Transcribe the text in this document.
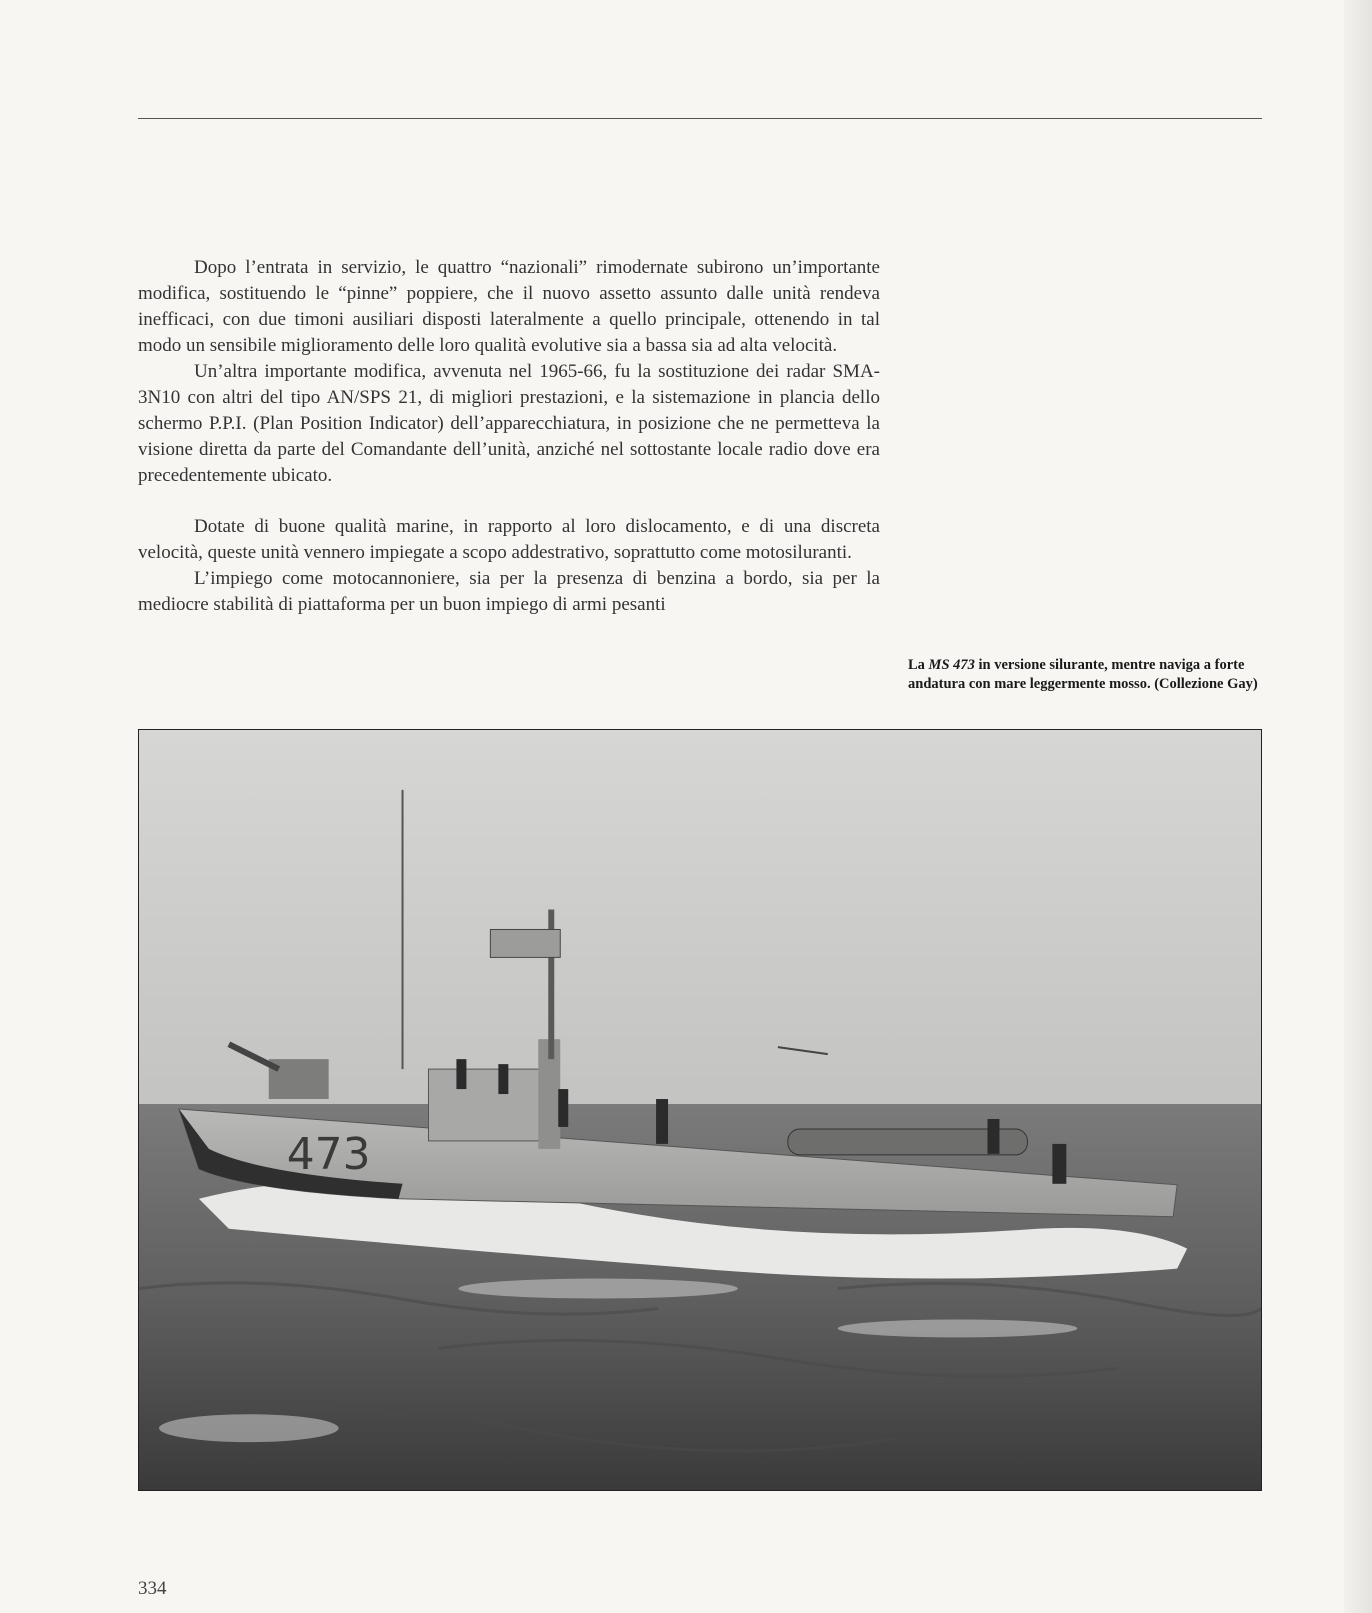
Dopo l’entrata in servizio, le quattro “nazionali” rimodernate subirono un’importante modifica, sostituendo le “pinne” poppiere, che il nuovo assetto assunto dalle unità rendeva inefficaci, con due timoni ausiliari disposti lateralmente a quello principale, ottenendo in tal modo un sensibile miglioramento delle loro qualità evolutive sia a bassa sia ad alta velocità.

Un’altra importante modifica, avvenuta nel 1965-66, fu la sostituzione dei radar SMA-3N10 con altri del tipo AN/SPS 21, di migliori prestazioni, e la sistemazione in plancia dello schermo P.P.I. (Plan Position Indicator) dell’apparecchiatura, in posizione che ne permetteva la visione diretta da parte del Comandante dell’unità, anziché nel sottostante locale radio dove era precedentemente ubicato.

Dotate di buone qualità marine, in rapporto al loro dislocamento, e di una discreta velocità, queste unità vennero impiegate a scopo addestrativo, soprattutto come motosiluranti.

L’impiego come motocannoniere, sia per la presenza di benzina a bordo, sia per la mediocre stabilità di piattaforma per un buon impiego di armi pesanti

La MS 473 in versione silurante, mentre naviga a forte andatura con mare leggermente mosso. (Collezione Gay)
473
334
